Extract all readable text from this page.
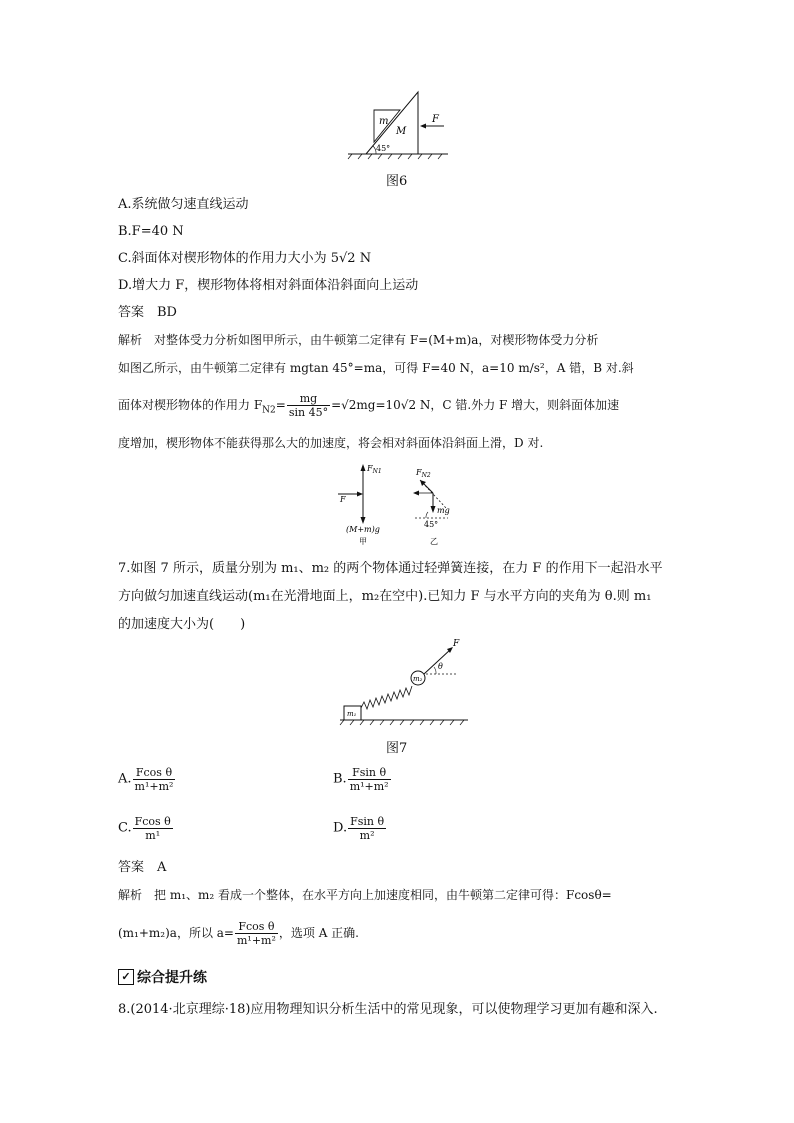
m
M
F
45°
图6
A.系统做匀速直线运动
B.F=40 N
C.斜面体对楔形物体的作用力大小为 5√2 N
D.增大力 F，楔形物体将相对斜面体沿斜面向上运动
答案　BD
解析　对整体受力分析如图甲所示，由牛顿第二定律有 F=(M+m)a，对楔形物体受力分析
如图乙所示，由牛顿第二定律有 mgtan 45°=ma，可得 F=40 N，a=10 m/s²，A 错，B 对.斜
面体对楔形物体的作用力 $F_{N2}= \frac{mg}{\sin 45^\circ} =√2mg=10√2$ N，C 错.外力 F 增大，则斜面体加速
度增加，楔形物体不能获得那么大的加速度，将会相对斜面体沿斜面上滑，D 对.
$F_{N1}$
F
(M+m)g
甲
$F_{N2}$
mg
45°
乙
7.如图 7 所示，质量分别为 m₁、m₂ 的两个物体通过轻弹簧连接，在力 F 的作用下一起沿水平
方向做匀加速直线运动(m₁在光滑地面上，m₂在空中).已知力 F 与水平方向的夹角为 θ.则 m₁
的加速度大小为(　　)
F
θ
m₁
m₂
图7
A. $\frac{\text{Fcos θ}}{\text{m¹+m²}}$	B. $\frac{\text{Fsin θ}}{\text{m¹+m²}}$
C. $\frac{\text{Fcos θ}}{\text{m¹}}$	D. $\frac{\text{Fsin θ}}{\text{m²}}$
答案　A
解析　把 m₁、m₂ 看成一个整体，在水平方向上加速度相同，由牛顿第二定律可得：Fcosθ=
(m₁+m₂)a，所以 $a= \frac{\text{Fcos θ}}{\text{m¹+m²}}$ ，选项 A 正确.
✓ 综合提升练
8.(2014·北京理综·18)应用物理知识分析生活中的常见现象，可以使物理学习更加有趣和深入.
